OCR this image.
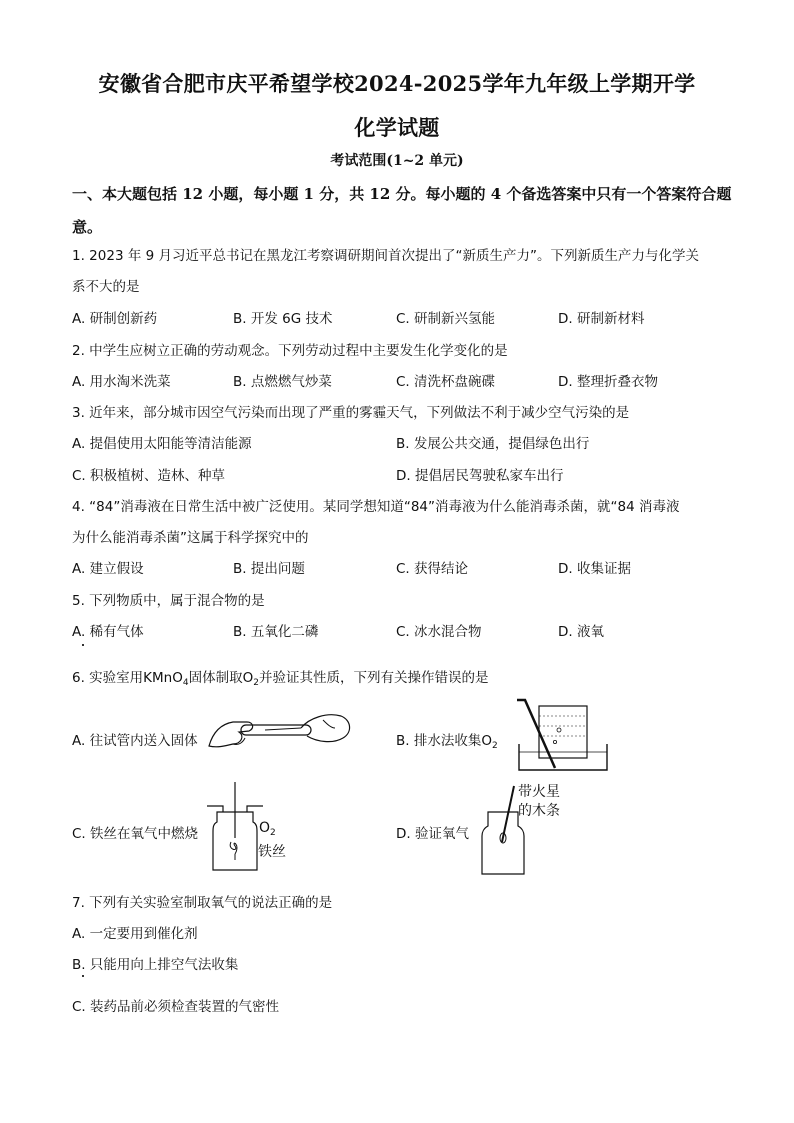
安徽省合肥市庆平希望学校2024-2025学年九年级上学期开学
化学试题
考试范围(1~2 单元)
一、本大题包括 12 小题，每小题 1 分，共 12 分。每小题的 4 个备选答案中只有一个答案符合题意。
1. 2023 年 9 月习近平总书记在黑龙江考察调研期间首次提出了“新质生产力”。下列新质生产力与化学关
系不大的是
A. 研制创新药	B. 开发 6G 技术	C. 研制新兴氢能	D. 研制新材料
2. 中学生应树立正确的劳动观念。下列劳动过程中主要发生化学变化的是
A. 用水淘米洗菜	B. 点燃燃气炒菜	C. 清洗杯盘碗碟	D. 整理折叠衣物
3. 近年来，部分城市因空气污染而出现了严重的雾霾天气，下列做法不利于减少空气污染的是
A. 提倡使用太阳能等清洁能源	B. 发展公共交通，提倡绿色出行
C. 积极植树、造林、种草	D. 提倡居民驾驶私家车出行
4. “84”消毒液在日常生活中被广泛使用。某同学想知道“84”消毒液为什么能消毒杀菌，就“84 消毒液
为什么能消毒杀菌”这属于科学探究中的
A. 建立假设	B. 提出问题	C. 获得结论	D. 收集证据
5. 下列物质中，属于混合物的是
A. 稀有气体	B. 五氧化二磷	C. 冰水混合物	D. 液氧
6. 实验室用KMnO$_4$固体制取$O_2$并验证其性质，下列有关操作错误的是
A. 往试管内送入固体	B. 排水法收集$O_2$
C. 铁丝在氧气中燃烧	$O_2$
铁丝
D. 验证氧气
带火星
的木条
7. 下列有关实验室制取氧气的说法正确的是
A. 一定要用到催化剂
B. 只能用向上排空气法收集
C. 装药品前必须检查装置的气密性
